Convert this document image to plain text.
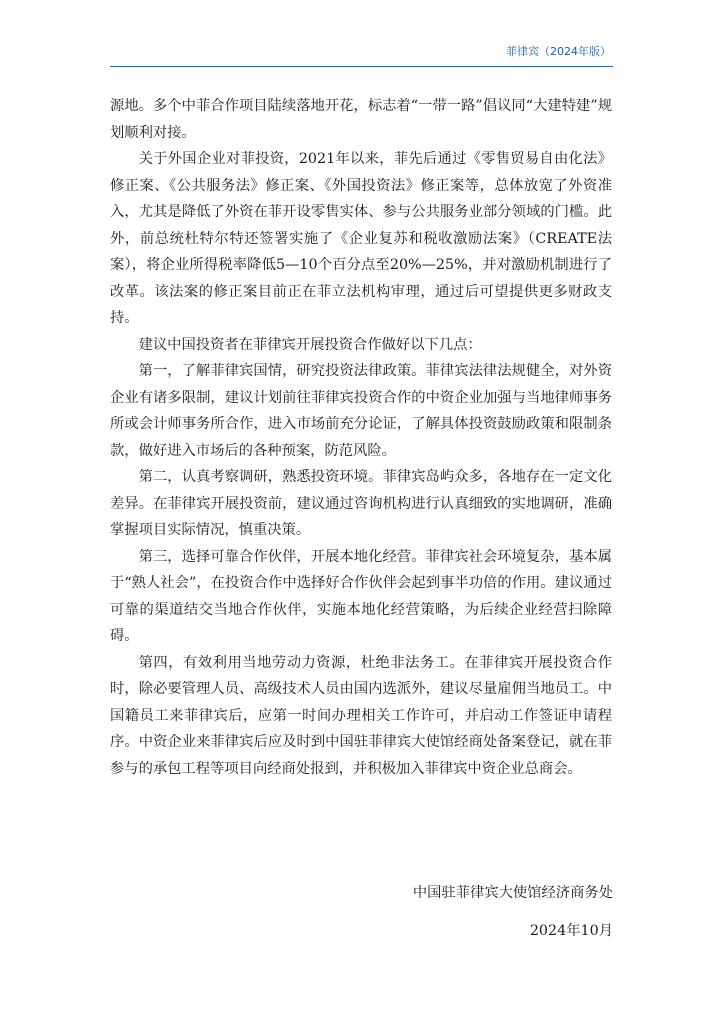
菲律宾（2024年版）

源地。多个中菲合作项目陆续落地开花，标志着“一带一路”倡议同“大建特建”规划顺利对接。

关于外国企业对菲投资，2021年以来，菲先后通过《零售贸易自由化法》修正案、《公共服务法》修正案、《外国投资法》修正案等，总体放宽了外资准入，尤其是降低了外资在菲开设零售实体、参与公共服务业部分领域的门槛。此外，前总统杜特尔特还签署实施了《企业复苏和税收激励法案》（CREATE法案），将企业所得税率降低5—10个百分点至20%—25%，并对激励机制进行了改革。该法案的修正案目前正在菲立法机构审理，通过后可望提供更多财政支持。

建议中国投资者在菲律宾开展投资合作做好以下几点：

第一，了解菲律宾国情，研究投资法律政策。菲律宾法律法规健全，对外资企业有诸多限制，建议计划前往菲律宾投资合作的中资企业加强与当地律师事务所或会计师事务所合作，进入市场前充分论证，了解具体投资鼓励政策和限制条款，做好进入市场后的各种预案，防范风险。

第二，认真考察调研，熟悉投资环境。菲律宾岛屿众多，各地存在一定文化差异。在菲律宾开展投资前，建议通过咨询机构进行认真细致的实地调研，准确掌握项目实际情况，慎重决策。

第三，选择可靠合作伙伴，开展本地化经营。菲律宾社会环境复杂，基本属于“熟人社会”，在投资合作中选择好合作伙伴会起到事半功倍的作用。建议通过可靠的渠道结交当地合作伙伴，实施本地化经营策略，为后续企业经营扫除障碍。

第四，有效利用当地劳动力资源，杜绝非法务工。在菲律宾开展投资合作时，除必要管理人员、高级技术人员由国内选派外，建议尽量雇佣当地员工。中国籍员工来菲律宾后，应第一时间办理相关工作许可，并启动工作签证申请程序。中资企业来菲律宾后应及时到中国驻菲律宾大使馆经商处备案登记，就在菲参与的承包工程等项目向经商处报到，并积极加入菲律宾中资企业总商会。

中国驻菲律宾大使馆经济商务处
2024年10月
